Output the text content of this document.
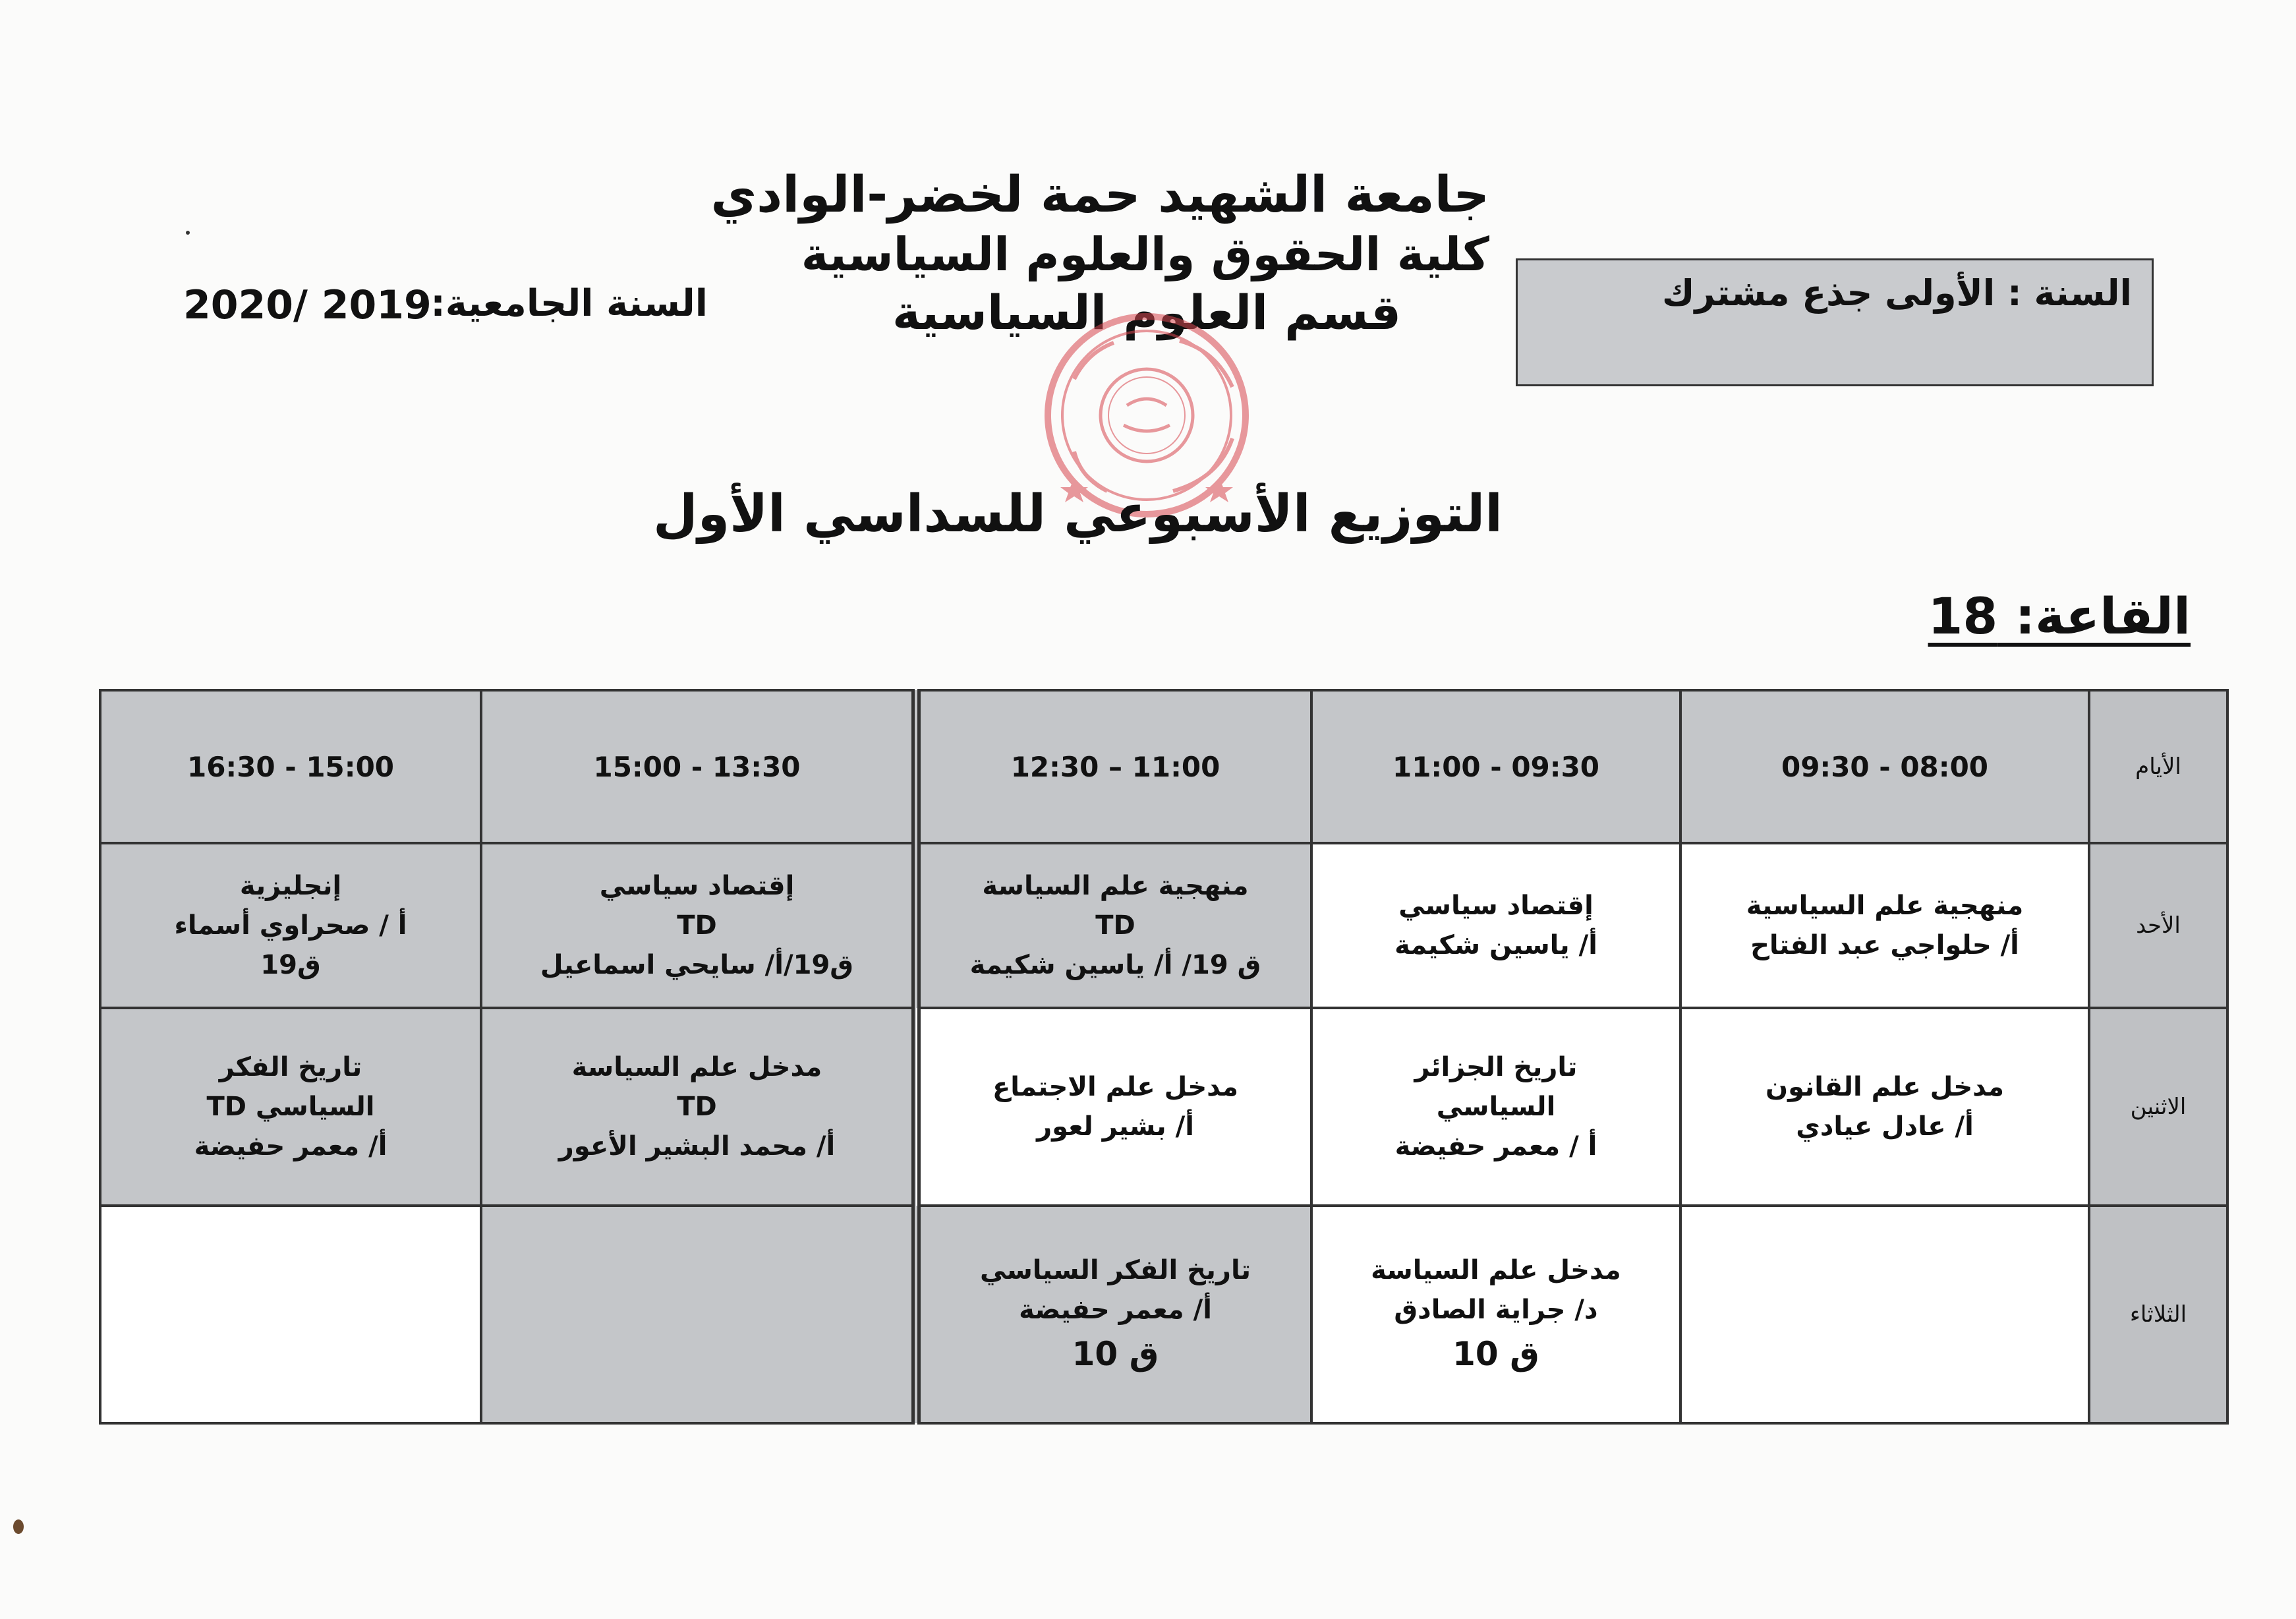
جامعة الشهيد حمة لخضر-الوادي
كلية الحقوق والعلوم السياسية
قسم العلوم السياسية	السنة : الأولى جذع مشترك
السنة الجامعية:
2020/ 2019
التوزيع الأسبوعي للسداسي الأول
القاعة: 18
الأيام	09:30 - 08:00	11:00 - 09:30	12:30 – 11:00	15:00 - 13:30	16:30 - 15:00
الأحد	منهجية علم السياسية
أ/ حلواجي عبد الفتاح	إقتصاد سياسي
أ/ ياسين شكيمة	منهجية علم السياسة
TD
ق 19/ أ/ ياسين شكيمة	إقتصاد سياسي
TD
ق19/أ/ سايحي اسماعيل	إنجليزية
أ / صحراوي أسماء
ق19

الاثنين	مدخل علم القانون
أ/ عادل عيادي	تاريخ الجزائر
السياسي
أ / معمر حفيضة	مدخل علم الاجتماع
أ/ بشير لعور	مدخل علم السياسة
TD
أ/ محمد البشير الأعور	تاريخ الفكر
السياسي TD
أ/ معمر حفيضة

الثلاثاء		مدخل علم السياسة
د/ جراية الصادق
ق 10	تاريخ الفكر السياسي
أ/ معمر حفيضة
ق 10		
